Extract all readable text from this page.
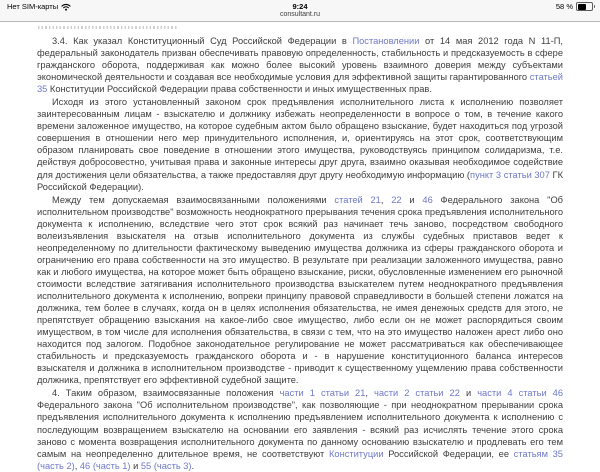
Нет SIM-карты	9:24
consultant.ru
58 %

3.4. Как указал Конституционный Суд Российской Федерации в Постановлении от 14 мая 2012 года N 11-П, федеральный законодатель призван обеспечивать правовую определенность, стабильность и предсказуемость в сфере гражданского оборота, поддерживая как можно более высокий уровень взаимного доверия между субъектами экономической деятельности и создавая все необходимые условия для эффективной защиты гарантированного статьей 35 Конституции Российской Федерации права собственности и иных имущественных прав.

Исходя из этого установленный законом срок предъявления исполнительного листа к исполнению позволяет заинтересованным лицам - взыскателю и должнику избежать неопределенности в вопросе о том, в течение какого времени заложенное имущество, на которое судебным актом было обращено взыскание, будет находиться под угрозой совершения в отношении него мер принудительного исполнения, и, ориентируясь на этот срок, соответствующим образом планировать свое поведение в отношении этого имущества, руководствуясь принципом солидаризма, т.е. действуя добросовестно, учитывая права и законные интересы друг друга, взаимно оказывая необходимое содействие для достижения цели обязательства, а также предоставляя друг другу необходимую информацию (пункт 3 статьи 307 ГК Российской Федерации).

Между тем допускаемая взаимосвязанными положениями статей 21, 22 и 46 Федерального закона "Об исполнительном производстве" возможность неоднократного прерывания течения срока предъявления исполнительного документа к исполнению, вследствие чего этот срок всякий раз начинает течь заново, посредством свободного волеизъявления взыскателя на отзыв исполнительного документа из службы судебных приставов ведет к неопределенному по длительности фактическому выведению имущества должника из сферы гражданского оборота и ограничению его права собственности на это имущество. В результате при реализации заложенного имущества, равно как и любого имущества, на которое может быть обращено взыскание, риски, обусловленные изменением его рыночной стоимости вследствие затягивания исполнительного производства взыскателем путем неоднократного предъявления исполнительного документа к исполнению, вопреки принципу правовой справедливости в большей степени ложатся на должника, тем более в случаях, когда он в целях исполнения обязательства, не имея денежных средств для этого, не препятствует обращению взыскания на какое-либо свое имущество, либо если он не может распорядиться своим имуществом, в том числе для исполнения обязательства, в связи с тем, что на это имущество наложен арест либо оно находится под залогом. Подобное законодательное регулирование не может рассматриваться как обеспечивающее стабильность и предсказуемость гражданского оборота и - в нарушение конституционного баланса интересов взыскателя и должника в исполнительном производстве - приводит к существенному ущемлению права собственности должника, препятствует его эффективной судебной защите.

4. Таким образом, взаимосвязанные положения части 1 статьи 21, части 2 статьи 22 и части 4 статьи 46 Федерального закона "Об исполнительном производстве", как позволяющие - при неоднократном прерывании срока предъявления исполнительного документа к исполнению предъявлением исполнительного документа к исполнению с последующим возвращением взыскателю на основании его заявления - всякий раз исчислять течение этого срока заново с момента возвращения исполнительного документа по данному основанию взыскателю и продлевать его тем самым на неопределенно длительное время, не соответствуют Конституции Российской Федерации, ее статьям 35 (часть 2), 46 (часть 1) и 55 (часть 3).
